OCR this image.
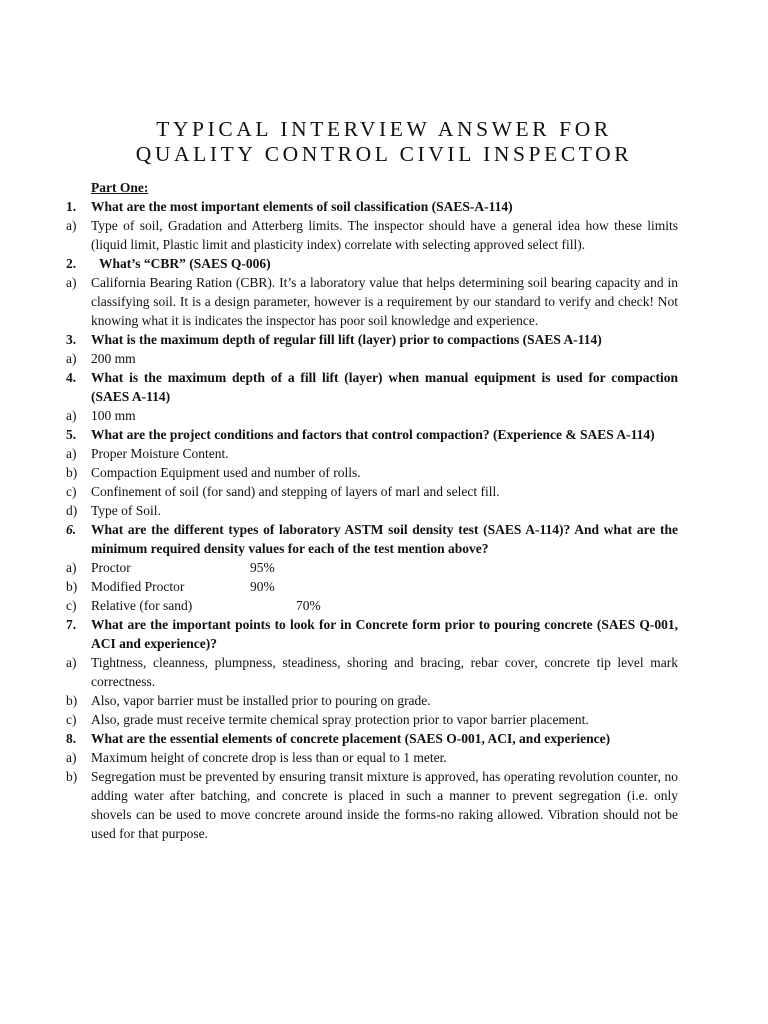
TYPICAL INTERVIEW ANSWER FOR
QUALITY CONTROL CIVIL INSPECTOR
Part One:
1.	What are the most important elements of soil classification (SAES-A-114)
a)	Type of soil, Gradation and Atterberg limits. The inspector should have a general idea how these limits (liquid limit, Plastic limit and plasticity index) correlate with selecting approved select fill).
2.	What’s “CBR” (SAES Q-006)
a)	California Bearing Ration (CBR). It’s a laboratory value that helps determining soil bearing capacity and in classifying soil. It is a design parameter, however is a requirement by our standard to verify and check! Not knowing what it is indicates the inspector has poor soil knowledge and experience.
3.	What is the maximum depth of regular fill lift (layer) prior to compactions (SAES A-114)
a)	200 mm
4.	What is the maximum depth of a fill lift (layer) when manual equipment is used for compaction (SAES A-114)
a)	100 mm
5.	What are the project conditions and factors that control compaction? (Experience & SAES A-114)
a)	Proper Moisture Content.
b)	Compaction Equipment used and number of rolls.
c)	Confinement of soil (for sand) and stepping of layers of marl and select fill.
d)	Type of Soil.
6.	What are the different types of laboratory ASTM soil density test (SAES A-114)? And what are the minimum required density values for each of the test mention above?
a)	Proctor	95%
b)	Modified Proctor	90%
c)	Relative (for sand)	70%
7.	What are the important points to look for in Concrete form prior to pouring concrete (SAES Q-001, ACI and experience)?
a)	Tightness, cleanness, plumpness, steadiness, shoring and bracing, rebar cover, concrete tip level mark correctness.
b)	Also, vapor barrier must be installed prior to pouring on grade.
c)	Also, grade must receive termite chemical spray protection prior to vapor barrier placement.
8.	What are the essential elements of concrete placement (SAES O-001, ACI, and experience)
a)	Maximum height of concrete drop is less than or equal to 1 meter.
b)	Segregation must be prevented by ensuring transit mixture is approved, has operating revolution counter, no adding water after batching, and concrete is placed in such a manner to prevent segregation (i.e. only shovels can be used to move concrete around inside the forms-no raking allowed. Vibration should not be used for that purpose.
